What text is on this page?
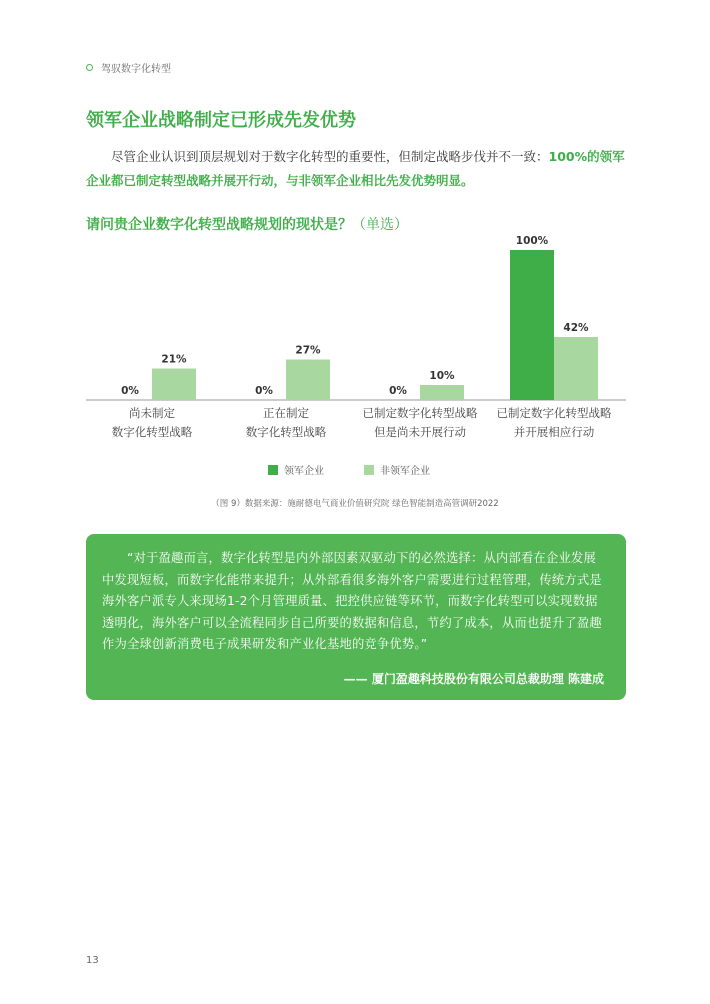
驾驭数字化转型
领军企业战略制定已形成先发优势

　　尽管企业认识到顶层规划对于数字化转型的重要性，但制定战略步伐并不一致：100%的领军企业都已制定转型战略并展开行动，与非领军企业相比先发优势明显。

请问贵企业数字化转型战略规划的现状是？（单选）
0%
21%
尚未制定
数字化转型战略
0%
27%
正在制定
数字化转型战略
0%
10%
已制定数字化转型战略
但是尚未开展行动
100%
42%
已制定数字化转型战略
并开展相应行动
领军企业	非领军企业
（图 9）数据来源：施耐德电气商业价值研究院 绿色智能制造高管调研2022

　　“对于盈趣而言，数字化转型是内外部因素双驱动下的必然选择：从内部看在企业发展中发现短板，而数字化能带来提升；从外部看很多海外客户需要进行过程管理，传统方式是海外客户派专人来现场1-2个月管理质量、把控供应链等环节，而数字化转型可以实现数据透明化，海外客户可以全流程同步自己所要的数据和信息，节约了成本，从而也提升了盈趣作为全球创新消费电子成果研发和产业化基地的竞争优势。”

—— 厦门盈趣科技股份有限公司总裁助理 陈建成
13
